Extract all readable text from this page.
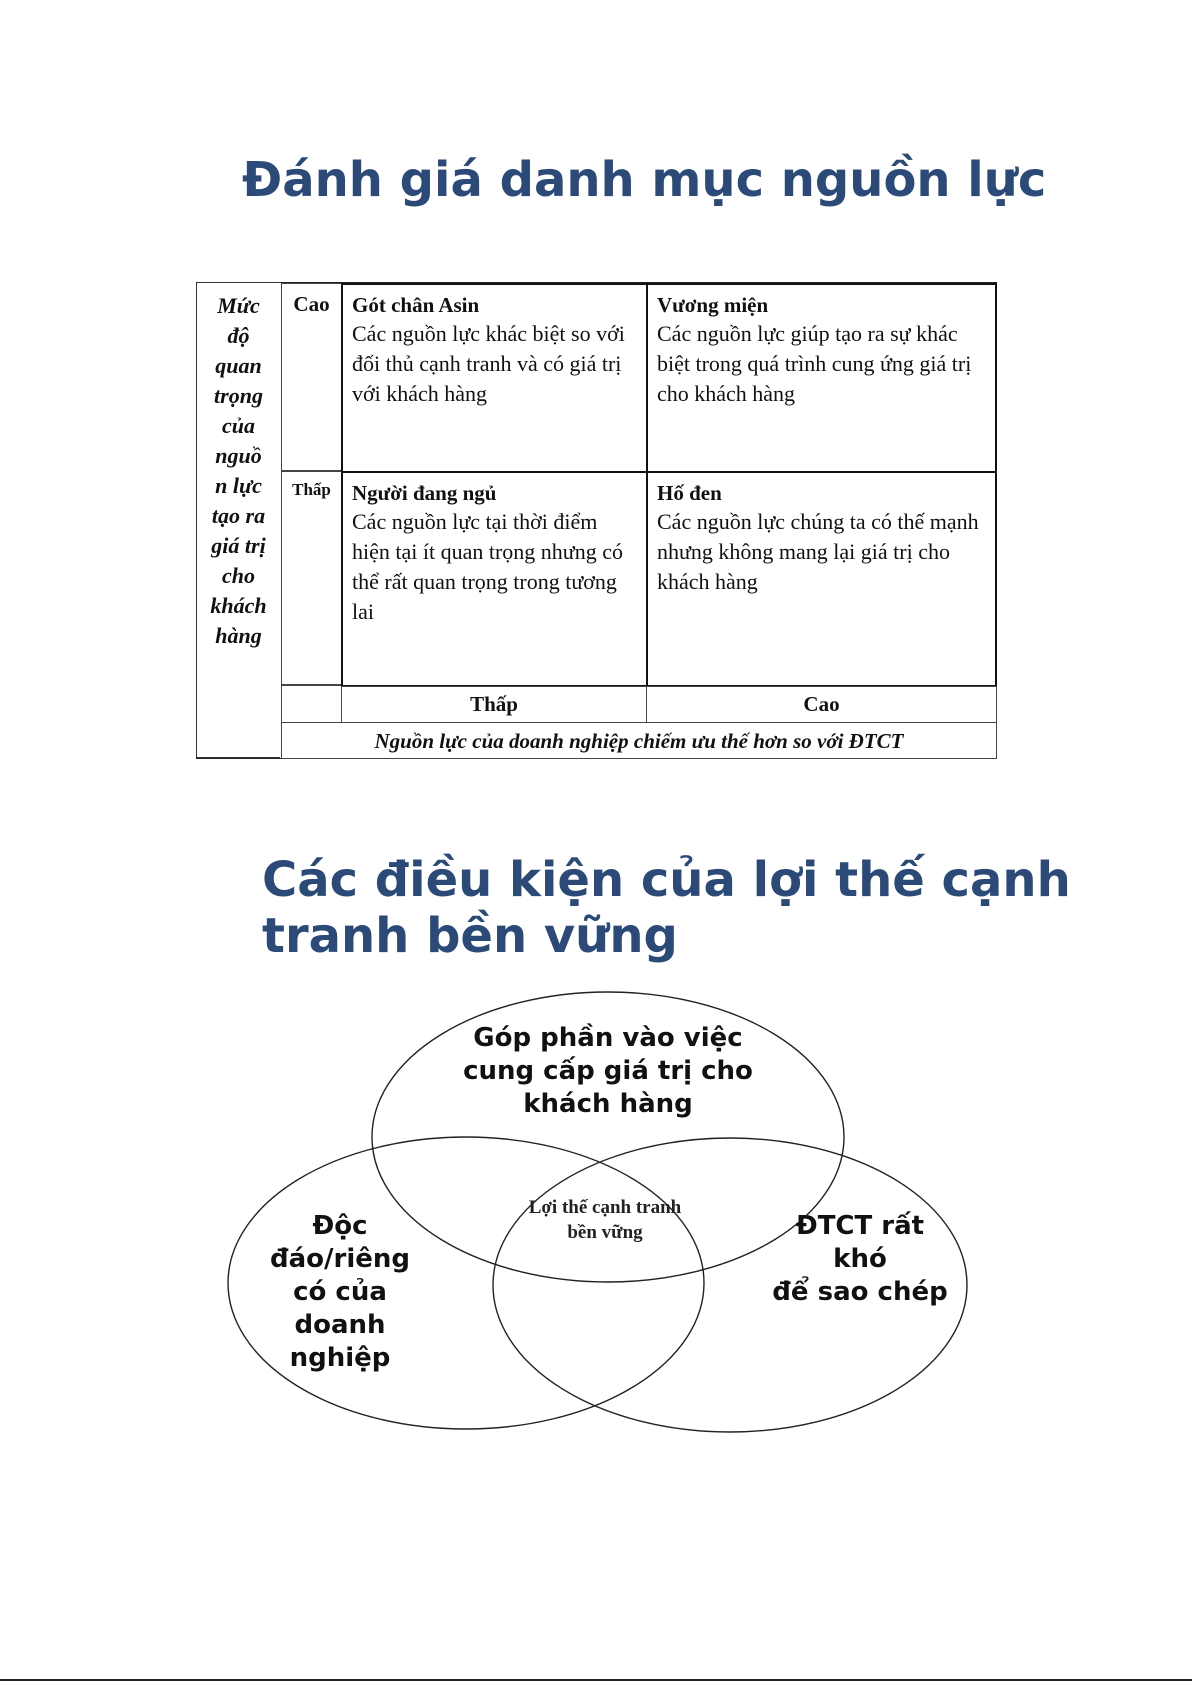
Đánh giá danh mục nguồn lực
Mức độ quan trọng của nguồ n lực tạo ra giá trị cho khách hàng
Cao
Thấp
Gót chân Asin
Các nguồn lực khác biệt so với đối thủ cạnh tranh và có giá trị với khách hàng
Vương miện
Các nguồn lực giúp tạo ra sự khác biệt trong quá trình cung ứng giá trị cho khách hàng
Người đang ngủ
Các nguồn lực tại thời điểm hiện tại ít quan trọng nhưng có thể rất quan trọng trong tương lai
Hố đen
Các nguồn lực chúng ta có thế mạnh nhưng không mang lại giá trị cho khách hàng
Thấp	Cao
Nguồn lực của doanh nghiệp chiếm ưu thế hơn so với ĐTCT
Các điều kiện của lợi thế cạnh
tranh bền vững
Góp phần vào việc
cung cấp giá trị cho
khách hàng
Độc
đáo/riêng
có của
doanh
nghiệp
ĐTCT rất
khó
để sao chép
Lợi thế cạnh tranh
bền vững
